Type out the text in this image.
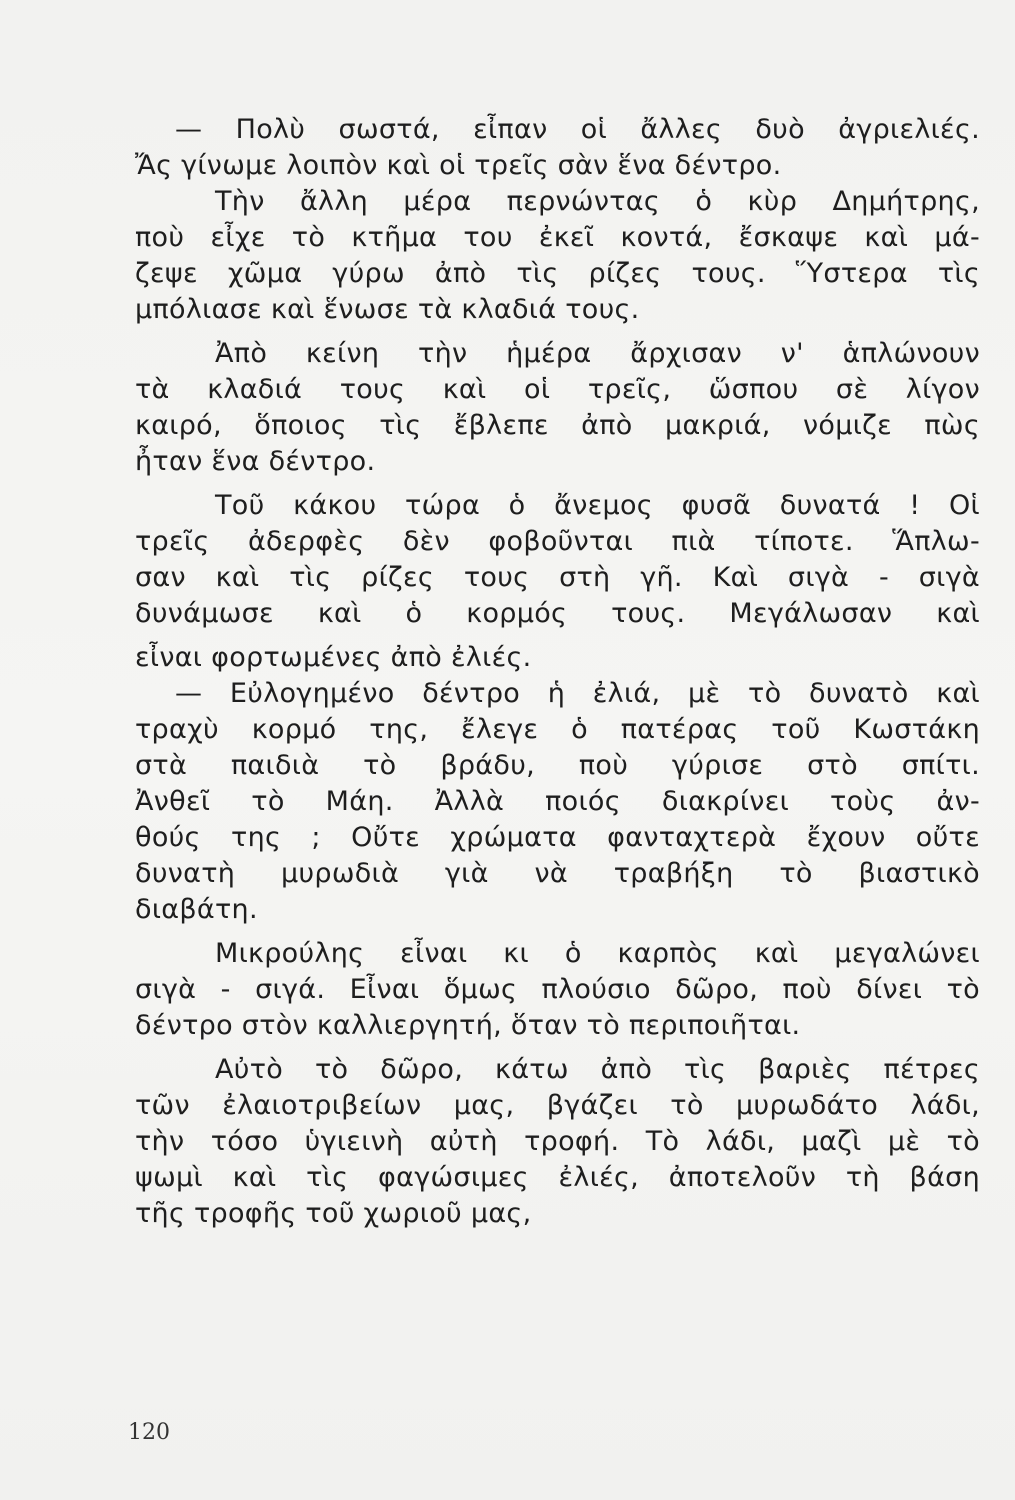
— Πολὺ σωστά, εἶπαν οἱ ἄλλες δυὸ ἀγριελιές.
Ἄς γίνωμε λοιπὸν καὶ οἱ τρεῖς σὰν ἕνα δέντρο.
Τὴν ἄλλη μέρα περνώντας ὁ κὺρ Δημήτρης,
ποὺ εἶχε τὸ κτῆμα του ἐκεῖ κοντά, ἔσκαψε καὶ μά-
ζεψε χῶμα γύρω ἀπὸ τὶς ρίζες τους. Ὕστερα τὶς
μπόλιασε καὶ ἕνωσε τὰ κλαδιά τους.
Ἀπὸ κείνη τὴν ἡμέρα ἄρχισαν ν' ἁπλώνουν
τὰ κλαδιά τους καὶ οἱ τρεῖς, ὥσπου σὲ λίγον
καιρό, ὅποιος τὶς ἔβλεπε ἀπὸ μακριά, νόμιζε πὼς
ἦταν ἕνα δέντρο.
Τοῦ κάκου τώρα ὁ ἄνεμος φυσᾶ δυνατά ! Οἱ
τρεῖς ἀδερφὲς δὲν φοβοῦνται πιὰ τίποτε. Ἅπλω-
σαν καὶ τὶς ρίζες τους στὴ γῆ. Καὶ σιγὰ - σιγὰ
δυνάμωσε καὶ ὁ κορμός τους. Μεγάλωσαν καὶ
εἶναι φορτωμένες ἀπὸ ἐλιές.
— Εὐλογημένο δέντρο ἡ ἐλιά, μὲ τὸ δυνατὸ καὶ
τραχὺ κορμό της, ἔλεγε ὁ πατέρας τοῦ Κωστάκη
στὰ παιδιὰ τὸ βράδυ, ποὺ γύρισε στὸ σπίτι.
Ἀνθεῖ τὸ Μάη. Ἀλλὰ ποιός διακρίνει τοὺς ἀν-
θούς της ; Οὔτε χρώματα φανταχτερὰ ἔχουν οὔτε
δυνατὴ μυρωδιὰ γιὰ νὰ τραβήξη τὸ βιαστικὸ
διαβάτη.
Μικρούλης εἶναι κι ὁ καρπὸς καὶ μεγαλώνει
σιγὰ - σιγά. Εἶναι ὅμως πλούσιο δῶρο, ποὺ δίνει τὸ
δέντρο στὸν καλλιεργητή, ὅταν τὸ περιποιῆται.
Αὐτὸ τὸ δῶρο, κάτω ἀπὸ τὶς βαριὲς πέτρες
τῶν ἐλαιοτριβείων μας, βγάζει τὸ μυρωδάτο λάδι,
τὴν τόσο ὑγιεινὴ αὐτὴ τροφή. Τὸ λάδι, μαζὶ μὲ τὸ
ψωμὶ καὶ τὶς φαγώσιμες ἐλιές, ἀποτελοῦν τὴ βάση
τῆς τροφῆς τοῦ χωριοῦ μας,
120
